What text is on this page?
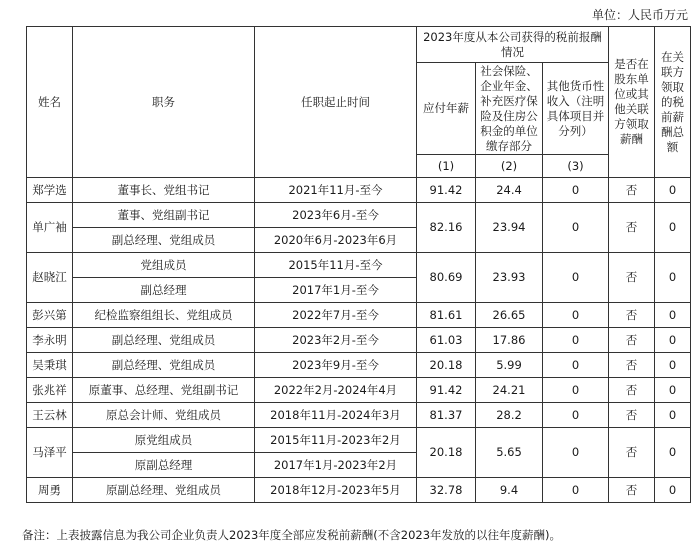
单位：人民币万元
姓名	职务	任职起止时间	2023年度从本公司获得的税前报酬情况			是否在股东单位或其他关联方领取薪酬	在关联方领取的税前薪酬总额
			应付年薪	社会保险、企业年金、补充医疗保险及住房公积金的单位缴存部分	其他货币性收入（注明具体项目并分列）		
			(1)	(2)	(3)		
郑学选	董事长、党组书记	2021年11月-至今	91.42	24.4	0	否	0
单广袖	董事、党组副书记	2023年6月-至今	82.16	23.94	0	否	0
	副总经理、党组成员	2020年6月-2023年6月					
赵晓江	党组成员	2015年11月-至今	80.69	23.93	0	否	0
	副总经理	2017年1月-至今					
彭兴第	纪检监察组组长、党组成员	2022年7月-至今	81.61	26.65	0	否	0
李永明	副总经理、党组成员	2023年2月-至今	61.03	17.86	0	否	0
吴秉琪	副总经理、党组成员	2023年9月-至今	20.18	5.99	0	否	0
张兆祥	原董事、总经理、党组副书记	2022年2月-2024年4月	91.42	24.21	0	否	0
王云林	原总会计师、党组成员	2018年11月-2024年3月	81.37	28.2	0	否	0
马泽平	原党组成员	2015年11月-2023年2月	20.18	5.65	0	否	0
	原副总经理	2017年1月-2023年2月					
周勇	原副总经理、党组成员	2018年12月-2023年5月	32.78	9.4	0	否	0
备注：上表披露信息为我公司企业负责人2023年度全部应发税前薪酬(不含2023年发放的以往年度薪酬)。
